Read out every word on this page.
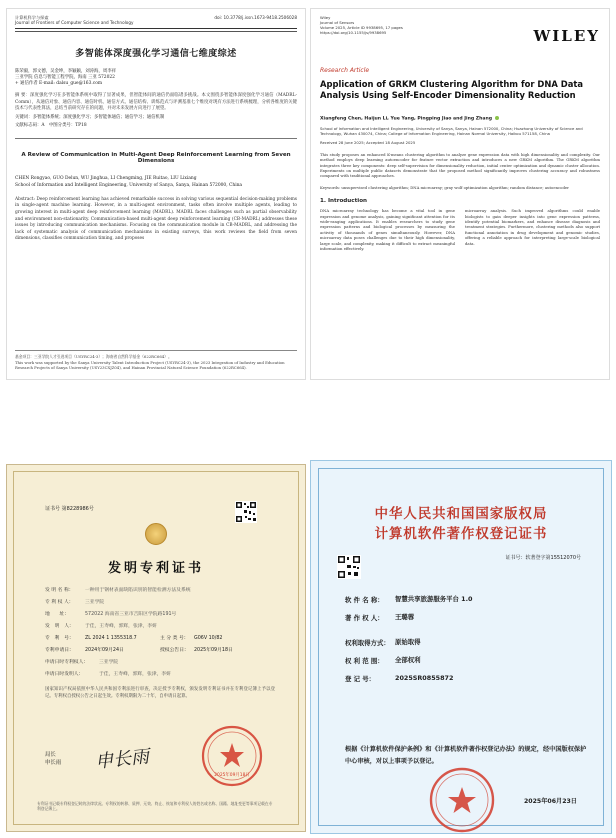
计算机科学与探索
Journal of Frontiers of Computer Science and Technology
doi: 10.3778/j.issn.1673-9418.2506028
多智能体深度强化学习通信七维度综述
陈荣毅，郭文德，吴金坤，李颖颖，刘涛海，周李祥
三亚学院 信息与智能工程学院，海南 三亚 572022
+ 通信作者 E-mail: dalsu_gue@163.com
摘 要：深度强化学习在多智能体系统中取得了显著成果，但智能体间的通信仍面临诸多挑战。本文围绕多智能体深度强化学习通信（MADRL-Comm），从通信对象、通信内容、通信时机、通信方式、通信结构、训练范式与评测基准七个维度对现有方法进行系统梳理，分析各维度的关键技术与代表性算法，总结当前研究存在的问题，并对未来发展方向进行了展望。
关键词：多智能体系统；深度强化学习；多智能体通信；通信学习；通信机制
文献标志码：A　中图分类号：TP18
A Review of Communication in Multi-Agent Deep Reinforcement Learning from Seven Dimensions
CHEN Rongyao, GUO Delun, WU Jinghua, LI Chengming, JIE Ruitao, LIU Lixiang
School of Information and Intelligent Engineering, University of Sanya, Sanya, Hainan 572000, China
Abstract: Deep reinforcement learning has achieved remarkable success in solving various sequential decision-making problems in single-agent machine learning. However, in a multi-agent environment, tasks often involve multiple agents, leading to growing interest in multi-agent deep reinforcement learning (MADRL). MADRL faces challenges such as partial observability and environment non-stationarity. Communication-based multi-agent deep reinforcement learning (CB-MADRL) addresses these issues by introducing communication mechanisms. Focusing on the communication module in CB-MADRL, and addressing the lack of systematic analysis of communication mechanisms in existing surveys, this work reviews the field from seven dimensions, classifies communication timing, and proposes
基金项目：三亚学院人才引进项目（USYRC24-3）；海南省自然科学基金（622RC664）。
This work was supported by the Sanya University Talent Introduction Project (USYRC24-3), the 2023 Integration of Industry and Education Research Projects of Sanya University (USY23CXJZ04), and Hainan Provincial Natural Science Foundation (622RC664).
Wiley
Journal of Sensors
Volume 2025, Article ID 9938695, 17 pages
https://doi.org/10.1155/js/9938695	WILEY
Research Article
Application of GRKM Clustering Algorithm for DNA Data Analysis Using Self-Encoder Dimensionality Reduction
Xiangfeng Chen, Haijun Li, Yue Yang, Pingping Jiao and Jing Zhang
School of Information and Intelligent Engineering, University of Sanya, Sanya, Hainan 572000, China; Huazhong University of Science and Technology, Wuhan 430074, China; College of Information Engineering, Hainan Normal University, Haikou 571158, China
Received 28 June 2025; Accepted 18 August 2025
This study proposes an enhanced K-means clustering algorithm to analyze gene expression data with high dimensionality and complexity. Our method employs deep learning autoencoder for feature vector extraction and introduces a new GRKM algorithm. The GRKM algorithm integrates three key components: deep self-supervision for dimensionality reduction, initial center optimization and dynamic cluster allocation. Experiments on multiple public datasets demonstrate that the proposed method significantly improves clustering accuracy and robustness compared with traditional approaches.
Keywords: unsupervised clustering algorithm; DNA microarray; gray wolf optimization algorithm; random distance; autoencoder
1. Introduction
DNA microarray technology has become a vital tool in gene expression and genome analysis, gaining significant attention for its wide-ranging applications. It enables researchers to study gene expression patterns and biological processes by measuring the activity of thousands of genes simultaneously. However, DNA microarray data poses challenges due to their high dimensionality, large scale, and complexity, making it difficult to extract meaningful information effectively.
microarray analysis. Such improved algorithms could enable biologists to gain deeper insights into gene expression patterns, identify potential biomarkers, and enhance disease diagnosis and treatment strategies. Furthermore, clustering methods also support functional annotation in drug development and genomic studies, offering a reliable approach for interpreting large-scale biological data.
证书号 第8228986号
发明专利证书
发 明 名 称：	一种用于钢材表面缺陷识别的智能检测方法及系统
专 利 权 人：	三亚学院
地　　址：	572022 海南省三亚市吉阳区学院路191号
发　明　人：	于佳，王寿峰，郭辉，张津，李妍
专　利　号：	ZL 2024 1 1355318.7	主 分 类 号：	G06V 10/82
专利申请日：	2024年09月24日	授权公告日：	2025年09月18日
申请日时专利权人：	三亚学院
申请日时发明人：	于佳，王寿峰，郭辉，张津，李妍
国家知识产权局依照中华人民共和国专利法进行审查，决定授予专利权，颁发发明专利证书并在专利登记簿上予以登记。专利权自授权公告之日起生效。专利权期限为二十年，自申请日起算。
局长
申长雨 申长雨
2025年09月18日
专利证书记载专利权登记时的法律状况。专利权的转移、质押、无效、终止、恢复和专利权人的姓名或名称、国籍、地址变更等事项记载在专利登记簿上。
中华人民共和国国家版权局
计算机软件著作权登记证书
证书号：软著登字第15512070号
软 件 名 称：	智慧共享旅游服务平台 1.0
著 作 权 人：	王璐蓉
权利取得方式： 原始取得
权 利 范 围：	全部权利
登 记 号：	2025SR0855872
根据《计算机软件保护条例》和《计算机软件著作权登记办法》的规定，经中国版权保护中心审核，对以上事项予以登记。
2025年06月23日
